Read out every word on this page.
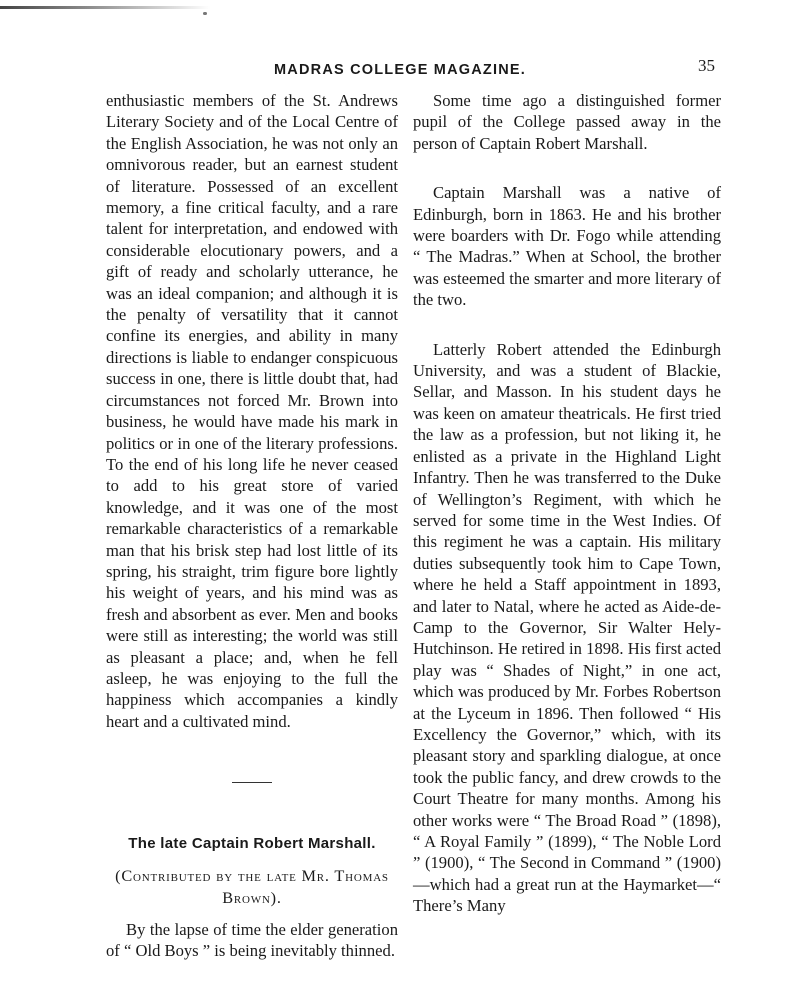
MADRAS COLLEGE MAGAZINE.	35

enthusiastic members of the St. Andrews Literary Society and of the Local Centre of the English Association, he was not only an omnivorous reader, but an earnest student of literature. Possessed of an excellent memory, a fine critical faculty, and a rare talent for interpretation, and endowed with considerable elocutionary powers, and a gift of ready and scholarly utterance, he was an ideal companion; and although it is the penalty of versatility that it cannot confine its energies, and ability in many directions is liable to endanger conspicuous success in one, there is little doubt that, had circumstances not forced Mr. Brown into business, he would have made his mark in politics or in one of the literary professions. To the end of his long life he never ceased to add to his great store of varied knowledge, and it was one of the most remarkable characteristics of a remarkable man that his brisk step had lost little of its spring, his straight, trim figure bore lightly his weight of years, and his mind was as fresh and absorbent as ever. Men and books were still as interesting; the world was still as pleasant a place; and, when he fell asleep, he was enjoying to the full the happiness which accompanies a kindly heart and a cultivated mind.

The late Captain Robert Marshall.
(Contributed by the late Mr. Thomas Brown).

By the lapse of time the elder generation of “ Old Boys ” is being inevitably thinned.

Some time ago a distinguished former pupil of the College passed away in the person of Captain Robert Marshall.

Captain Marshall was a native of Edinburgh, born in 1863. He and his brother were boarders with Dr. Fogo while attending “ The Madras.” When at School, the brother was esteemed the smarter and more literary of the two.

Latterly Robert attended the Edinburgh University, and was a student of Blackie, Sellar, and Masson. In his student days he was keen on amateur theatricals. He first tried the law as a profession, but not liking it, he enlisted as a private in the Highland Light Infantry. Then he was transferred to the Duke of Wellington’s Regiment, with which he served for some time in the West Indies. Of this regiment he was a captain. His military duties subsequently took him to Cape Town, where he held a Staff appointment in 1893, and later to Natal, where he acted as Aide-de-Camp to the Governor, Sir Walter Hely-Hutchinson. He retired in 1898. His first acted play was “ Shades of Night,” in one act, which was produced by Mr. Forbes Robertson at the Lyceum in 1896. Then followed “ His Excellency the Governor,” which, with its pleasant story and sparkling dialogue, at once took the public fancy, and drew crowds to the Court Theatre for many months. Among his other works were “ The Broad Road ” (1898), “ A Royal Family ” (1899), “ The Noble Lord ” (1900), “ The Second in Command ” (1900)—which had a great run at the Haymarket—“ There’s Many
